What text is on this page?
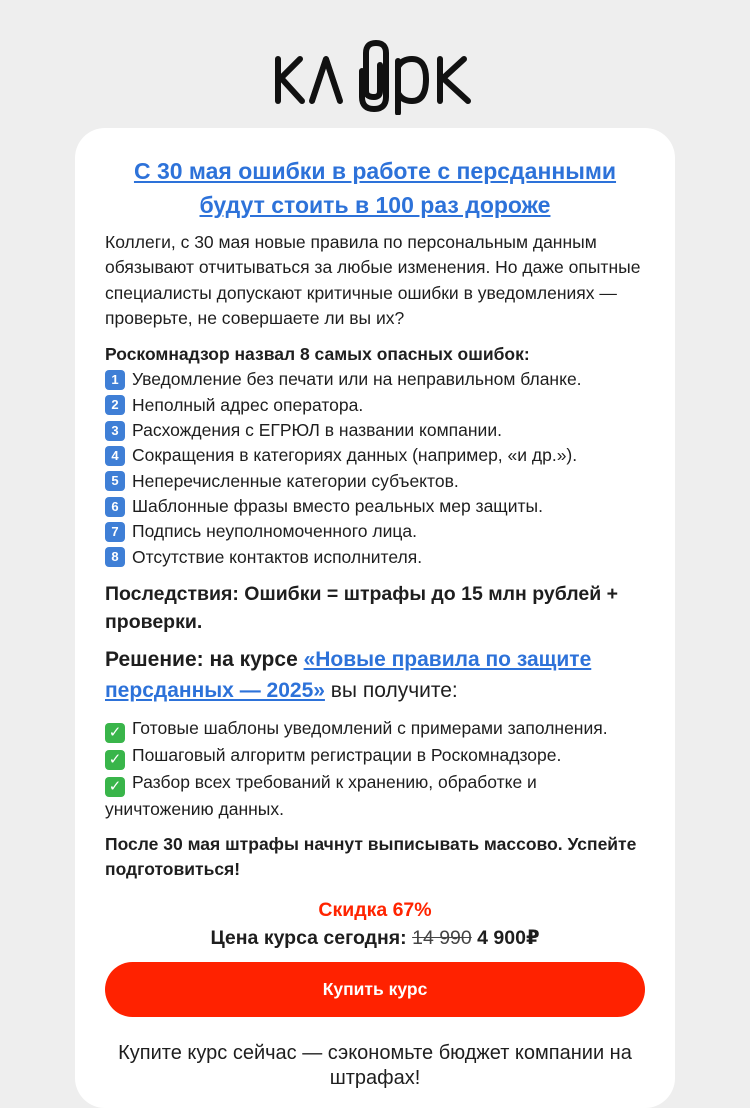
С 30 мая ошибки в работе с персданными будут стоить в 100 раз дороже

Коллеги, с 30 мая новые правила по персональным данным обязывают отчитываться за любые изменения. Но даже опытные специалисты допускают критичные ошибки в уведомлениях — проверьте, не совершаете ли вы их?

Роскомнадзор назвал 8 самых опасных ошибок:

1 Уведомление без печати или на неправильном бланке.
2 Неполный адрес оператора.
3 Расхождения с ЕГРЮЛ в названии компании.
4 Сокращения в категориях данных (например, «и др.»).
5 Неперечисленные категории субъектов.
6 Шаблонные фразы вместо реальных мер защиты.
7 Подпись неуполномоченного лица.
8 Отсутствие контактов исполнителя.

Последствия: Ошибки = штрафы до 15 млн рублей + проверки.

Решение: на курсе «Новые правила по защите персданных — 2025» вы получите:

✓ Готовые шаблоны уведомлений с примерами заполнения.
✓ Пошаговый алгоритм регистрации в Роскомнадзоре.
✓ Разбор всех требований к хранению, обработке и уничтожению данных.

После 30 мая штрафы начнут выписывать массово. Успейте подготовиться!

Скидка 67%

Цена курса сегодня: 14 990 4 900₽

Купить курс

Купите курс сейчас — сэкономьте бюджет компании на штрафах!
